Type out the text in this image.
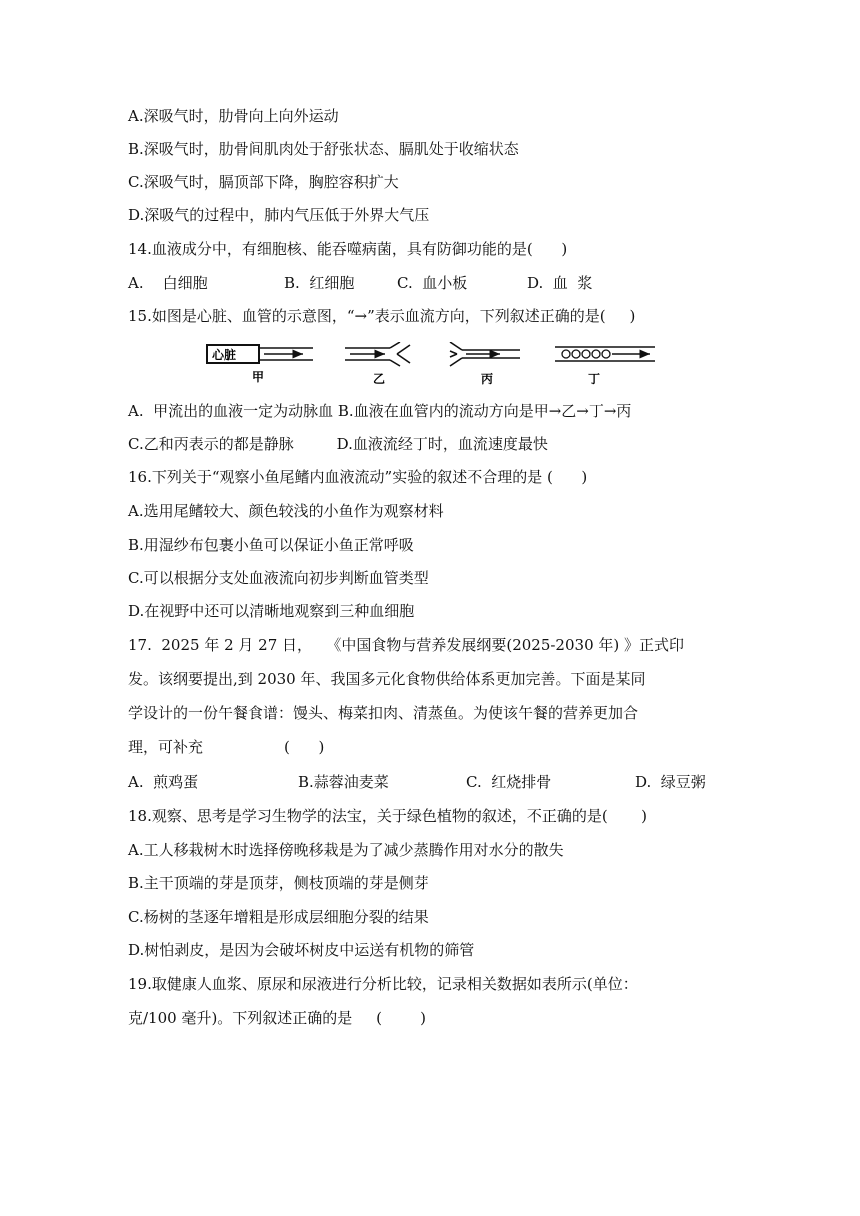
A.深吸气时，肋骨向上向外运动
B.深吸气时，肋骨间肌肉处于舒张状态、膈肌处于收缩状态
C.深吸气时，膈顶部下降，胸腔容积扩大
D.深吸气的过程中，肺内气压低于外界大气压
14.血液成分中，有细胞核、能吞噬病菌，具有防御功能的是(      )
A.    白细胞	B.  红细胞	C.  血小板	D.  血  浆
15.如图是心脏、血管的示意图，“→”表示血流方向，下列叙述正确的是(     )
心脏
甲	乙	丙	丁
A.  甲流出的血液一定为动脉血 B.血液在血管内的流动方向是甲→乙→丁→丙
C.乙和丙表示的都是静脉         D.血液流经丁时，血流速度最快
16.下列关于“观察小鱼尾鳍内血液流动”实验的叙述不合理的是 (      )
A.选用尾鳍较大、颜色较浅的小鱼作为观察材料
B.用湿纱布包裹小鱼可以保证小鱼正常呼吸
C.可以根据分支处血液流向初步判断血管类型
D.在视野中还可以清晰地观察到三种血细胞
17.  2025 年 2 月 27 日，   《中国食物与营养发展纲要(2025-2030 年) 》正式印
发。该纲要提出,到 2030 年、我国多元化食物供给体系更加完善。下面是某同
学设计的一份午餐食谱：馒头、梅菜扣肉、清蒸鱼。为使该午餐的营养更加合
理，可补充                 (      )
A.  煎鸡蛋	B.蒜蓉油麦菜	C.  红烧排骨	D.  绿豆粥
18.观察、思考是学习生物学的法宝，关于绿色植物的叙述，不正确的是(       )
A.工人移栽树木时选择傍晚移栽是为了减少蒸腾作用对水分的散失
B.主干顶端的芽是顶芽，侧枝顶端的芽是侧芽
C.杨树的茎逐年增粗是形成层细胞分裂的结果
D.树怕剥皮，是因为会破坏树皮中运送有机物的筛管
19.取健康人血浆、原尿和尿液进行分析比较，记录相关数据如表所示(单位：
克/100 毫升)。下列叙述正确的是     (        )
